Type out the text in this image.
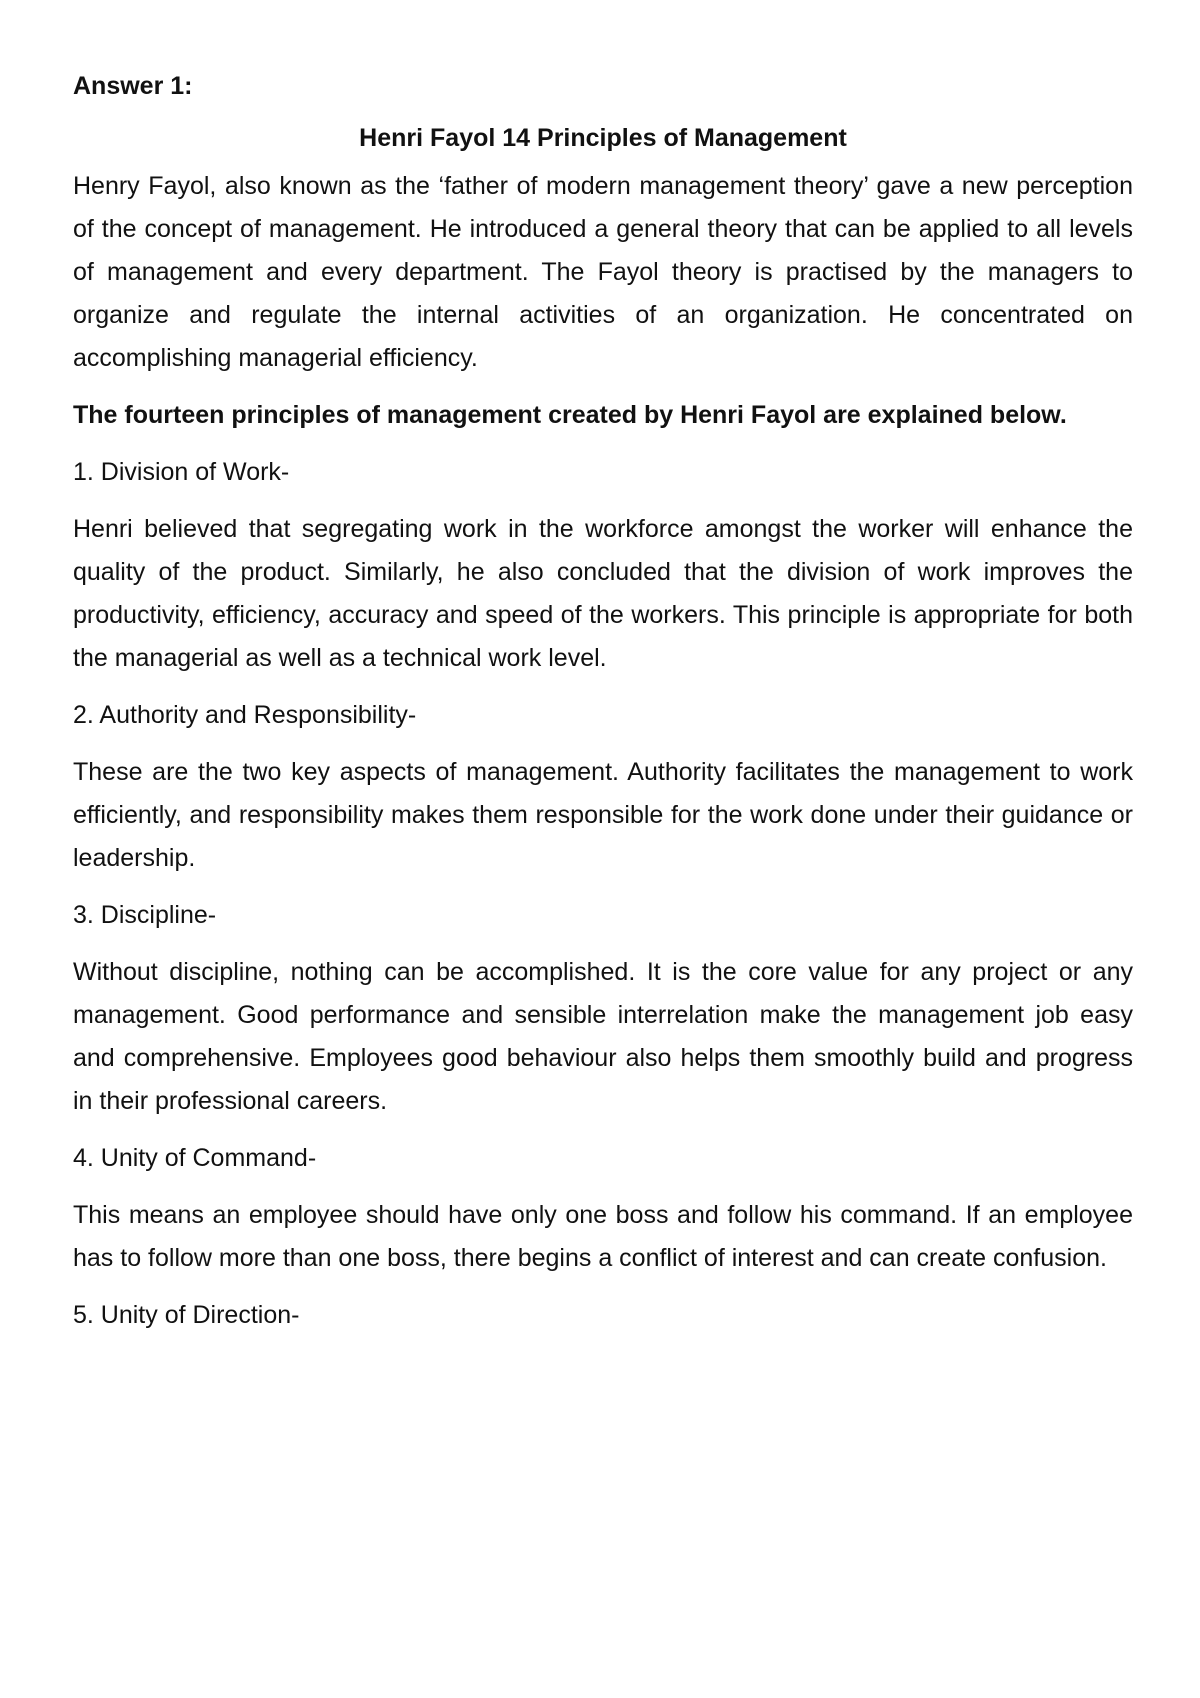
Answer 1:
Henri Fayol 14 Principles of Management
Henry Fayol, also known as the ‘father of modern management theory’ gave a new perception of the concept of management. He introduced a general theory that can be applied to all levels of management and every department. The Fayol theory is practised by the managers to organize and regulate the internal activities of an organization. He concentrated on accomplishing managerial efficiency.
The fourteen principles of management created by Henri Fayol are explained below.
1. Division of Work-
Henri believed that segregating work in the workforce amongst the worker will enhance the quality of the product. Similarly, he also concluded that the division of work improves the productivity, efficiency, accuracy and speed of the workers. This principle is appropriate for both the managerial as well as a technical work level.
2. Authority and Responsibility-
These are the two key aspects of management. Authority facilitates the management to work efficiently, and responsibility makes them responsible for the work done under their guidance or leadership.
3. Discipline-
Without discipline, nothing can be accomplished. It is the core value for any project or any management. Good performance and sensible interrelation make the management job easy and comprehensive. Employees good behaviour also helps them smoothly build and progress in their professional careers.
4. Unity of Command-
This means an employee should have only one boss and follow his command. If an employee has to follow more than one boss, there begins a conflict of interest and can create confusion.
5. Unity of Direction-
